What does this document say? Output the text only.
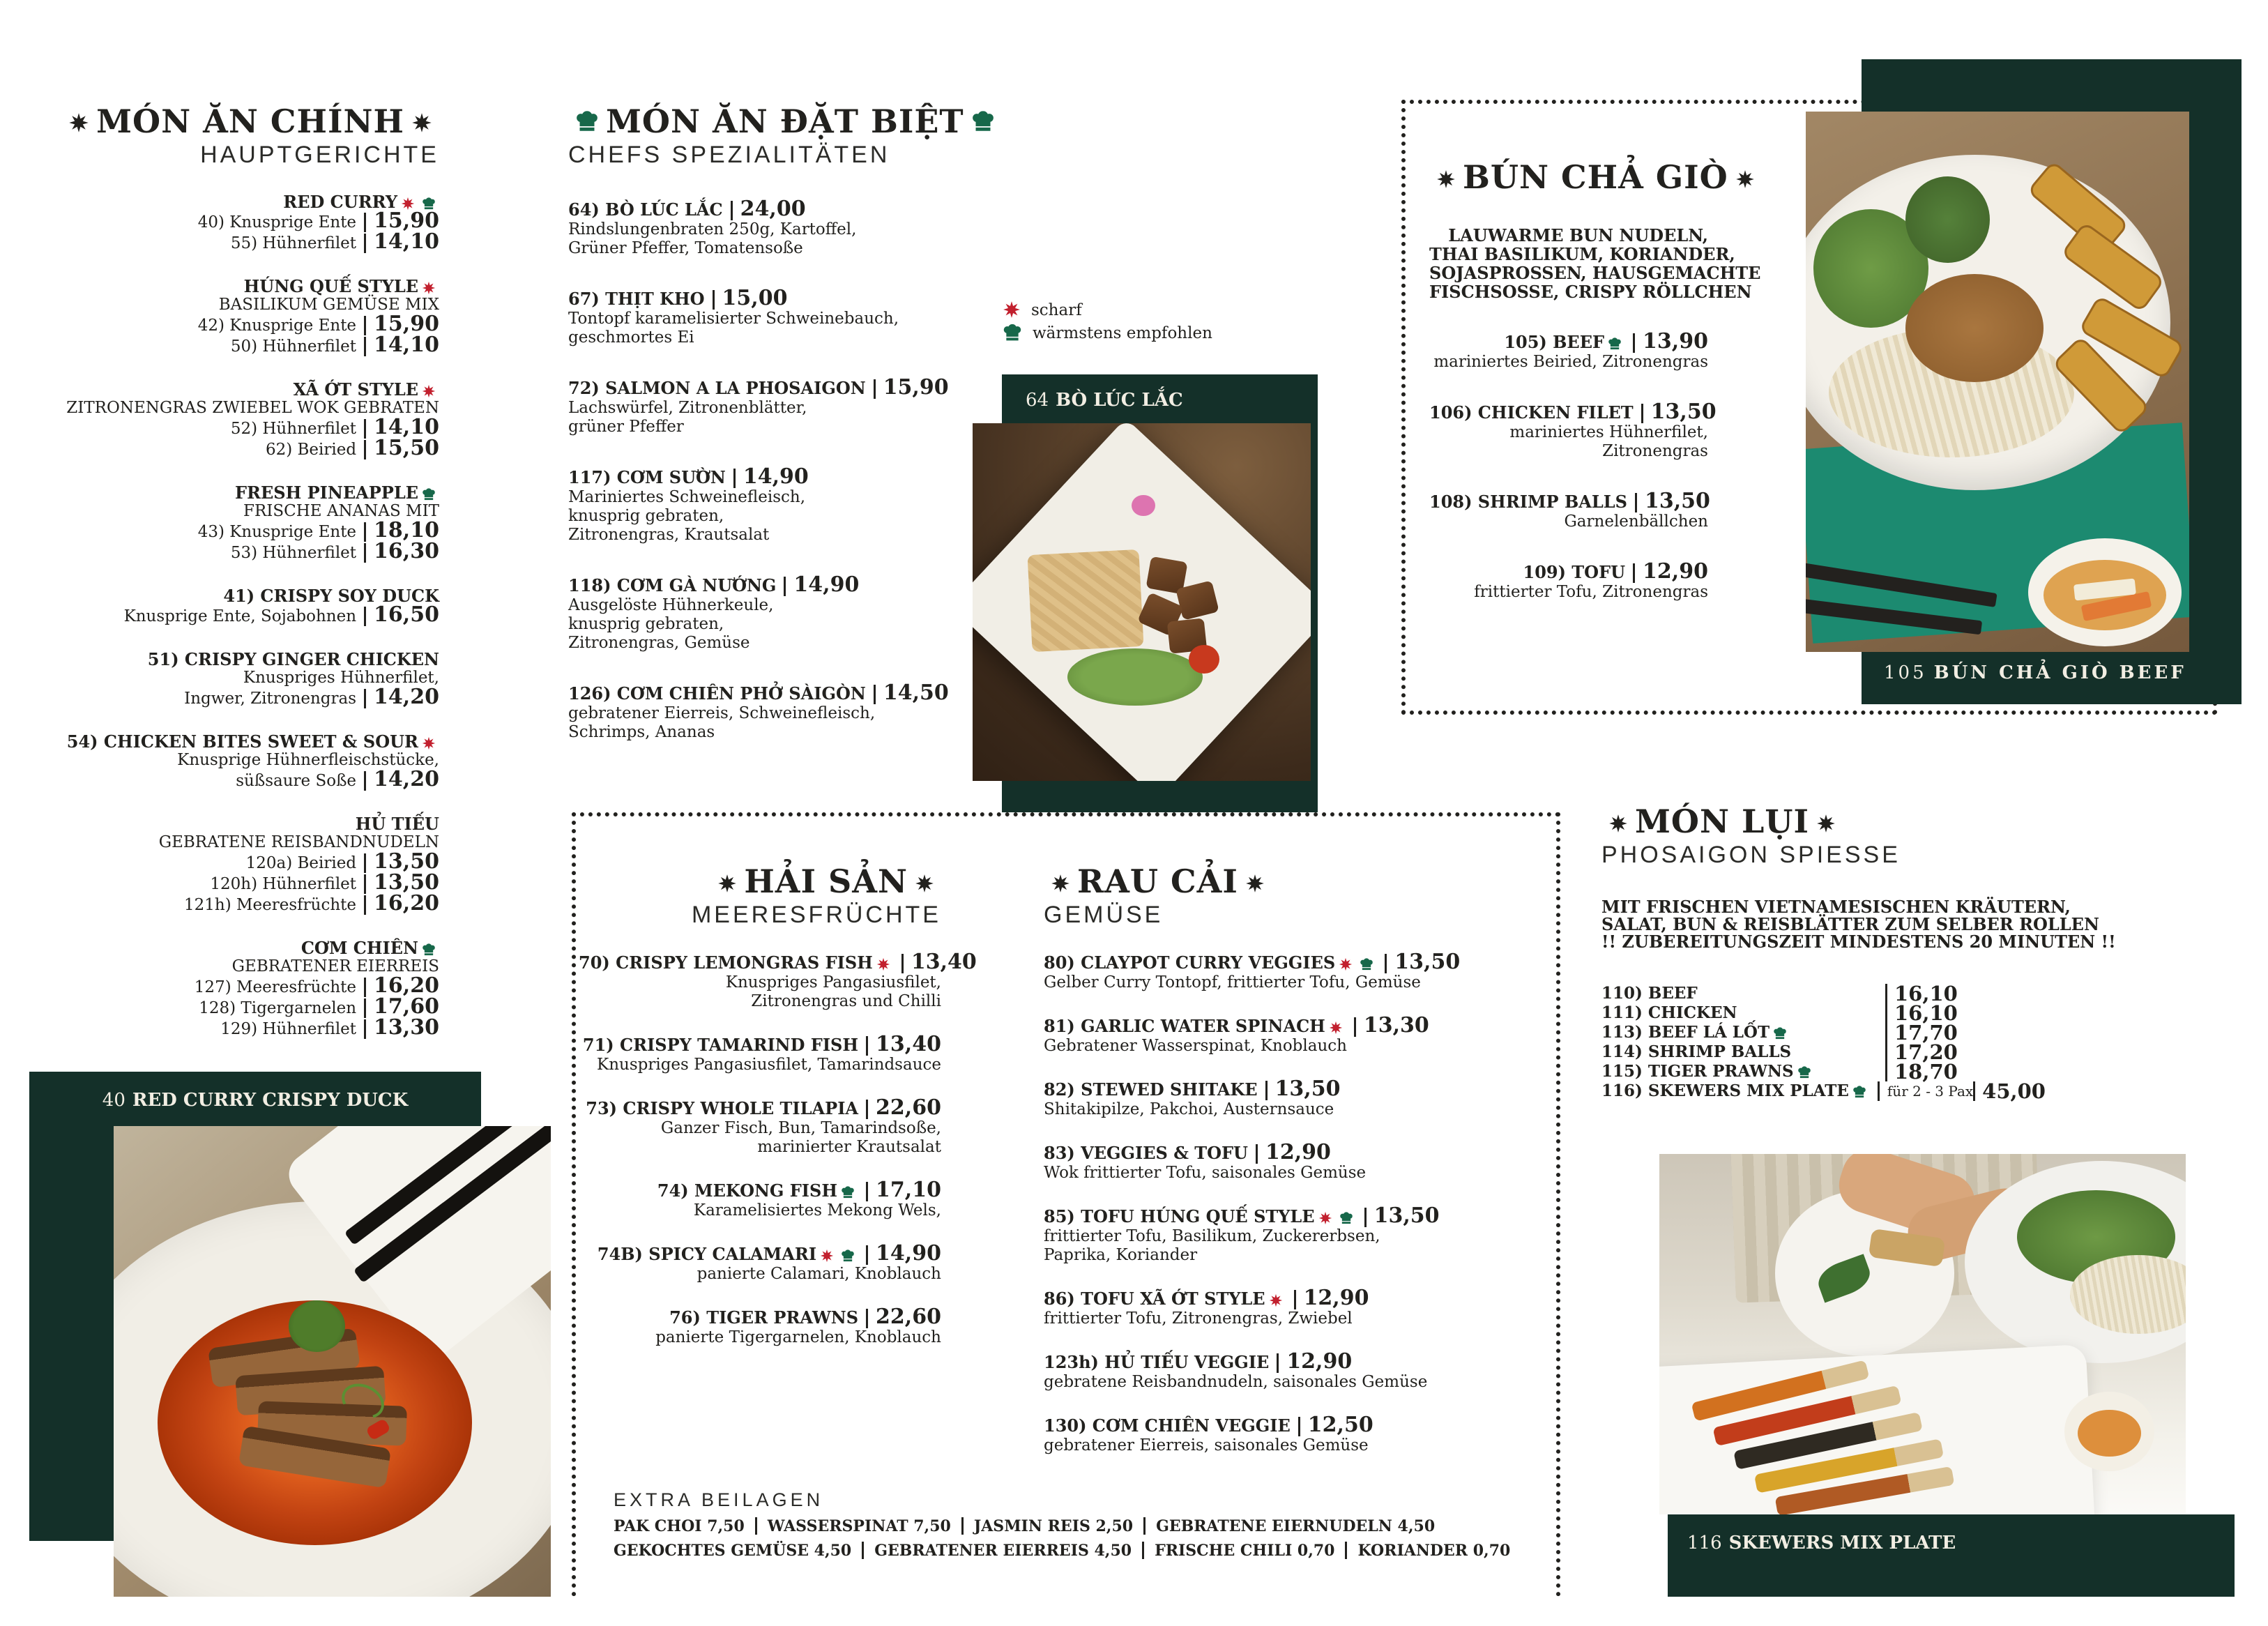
MÓN ĂN CHÍNH
HAUPTGERICHTE
RED CURRY
40) Knusprige Ente 15,90
55) Hühnerfilet 14,10
HÚNG QUẾ STYLE
BASILIKUM GEMÜSE MIX
42) Knusprige Ente 15,90
50) Hühnerfilet 14,10
XÃ ỚT STYLE
ZITRONENGRAS ZWIEBEL WOK GEBRATEN
52) Hühnerfilet 14,10
62) Beiried 15,50
FRESH PINEAPPLE
FRISCHE ANANAS MIT
43) Knusprige Ente 18,10
53) Hühnerfilet 16,30
41) CRISPY SOY DUCK
Knusprige Ente, Sojabohnen 16,50
51) CRISPY GINGER CHICKEN
Knuspriges Hühnerfilet,
Ingwer, Zitronengras 14,20
54) CHICKEN BITES SWEET & SOUR
Knusprige Hühnerfleischstücke,
süßsaure Soße 14,20
HỦ TIẾU
GEBRATENE REISBANDNUDELN
120a) Beiried 13,50
120h) Hühnerfilet 13,50
121h) Meeresfrüchte 16,20
CƠM CHIÊN
GEBRATENER EIERREIS
127) Meeresfrüchte 16,20
128) Tigergarnelen 17,60
129) Hühnerfilet 13,30
MÓN ĂN ĐẶT BIỆT
CHEFS SPEZIALITÄTEN
64) BÒ LÚC LẮC 24,00
Rindslungenbraten 250g, Kartoffel,
Grüner Pfeffer, Tomatensoße
67) THỊT KHO 15,00
Tontopf karamelisierter Schweinebauch,
geschmortes Ei
72) SALMON A LA PHOSAIGON 15,90
Lachswürfel, Zitronenblätter,
grüner Pfeffer
117) CƠM SƯỜN 14,90
Mariniertes Schweinefleisch,
knusprig gebraten,
Zitronengras, Krautsalat
118) CƠM GÀ NƯỚNG 14,90
Ausgelöste Hühnerkeule,
knusprig gebraten,
Zitronengras, Gemüse
126) CƠM CHIÊN PHỞ SÀIGÒN 14,50
gebratener Eierreis, Schweinefleisch,
Schrimps, Ananas
scharf
wärmstens empfohlen
BÚN CHẢ GIÒ
LAUWARME BUN NUDELN,
THAI BASILIKUM, KORIANDER,
SOJASPROSSEN, HAUSGEMACHTE
FISCHSOSSE, CRISPY RÖLLCHEN
105) BEEF 13,90
mariniertes Beiried, Zitronengras
106) CHICKEN FILET 13,50
mariniertes Hühnerfilet,
Zitronengras
108) SHRIMP BALLS 13,50
Garnelenbällchen
109) TOFU 12,90
frittierter Tofu, Zitronengras
HẢI SẢN
MEERESFRÜCHTE
70) CRISPY LEMONGRAS FISH 13,40
Knuspriges Pangasiusfilet,
Zitronengras und Chilli
71) CRISPY TAMARIND FISH 13,40
Knuspriges Pangasiusfilet, Tamarindsauce
73) CRISPY WHOLE TILAPIA 22,60
Ganzer Fisch, Bun, Tamarindsoße,
marinierter Krautsalat
74) MEKONG FISH 17,10
Karamelisiertes Mekong Wels,
74B) SPICY CALAMARI	14,90
panierte Calamari, Knoblauch
76) TIGER PRAWNS 22,60
panierte Tigergarnelen, Knoblauch
RAU CẢI
GEMÜSE
80) CLAYPOT CURRY VEGGIES	13,50
Gelber Curry Tontopf, frittierter Tofu, Gemüse
81) GARLIC WATER SPINACH 13,30
Gebratener Wasserspinat, Knoblauch
82) STEWED SHITAKE 13,50
Shitakipilze, Pakchoi, Austernsauce
83) VEGGIES & TOFU 12,90
Wok frittierter Tofu, saisonales Gemüse
85) TOFU HÚNG QUẾ STYLE	13,50
frittierter Tofu, Basilikum, Zuckererbsen,
Paprika, Koriander
86) TOFU XÃ ỚT STYLE 12,90
frittierter Tofu, Zitronengras, Zwiebel
123h) HỦ TIẾU VEGGIE 12,90
gebratene Reisbandnudeln, saisonales Gemüse
130) CƠM CHIÊN VEGGIE 12,50
gebratener Eierreis, saisonales Gemüse
MÓN LỤI
PHOSAIGON SPIESSE
MIT FRISCHEN VIETNAMESISCHEN KRÄUTERN,
SALAT, BUN & REISBLÄTTER ZUM SELBER ROLLEN
!! ZUBEREITUNGSZEIT MINDESTENS 20 MINUTEN !!
110) BEEF	16,10
111) CHICKEN	16,10
113) BEEF LÁ LỐT	17,70
114) SHRIMP BALLS	17,20
115) TIGER PRAWNS	18,70
116) SKEWERS MIX PLATE	für 2 - 3 Pax 45,00
EXTRA BEILAGEN
PAK CHOI 7,50 WASSERSPINAT 7,50 JASMIN REIS 2,50 GEBRATENE EIERNUDELN 4,50
GEKOCHTES GEMÜSE 4,50 GEBRATENER EIERREIS 4,50 FRISCHE CHILI 0,70 KORIANDER 0,70
40 RED CURRY CRISPY DUCK
64 BÒ LÚC LẮC
105 BÚN CHẢ GIÒ BEEF
116 SKEWERS MIX PLATE
